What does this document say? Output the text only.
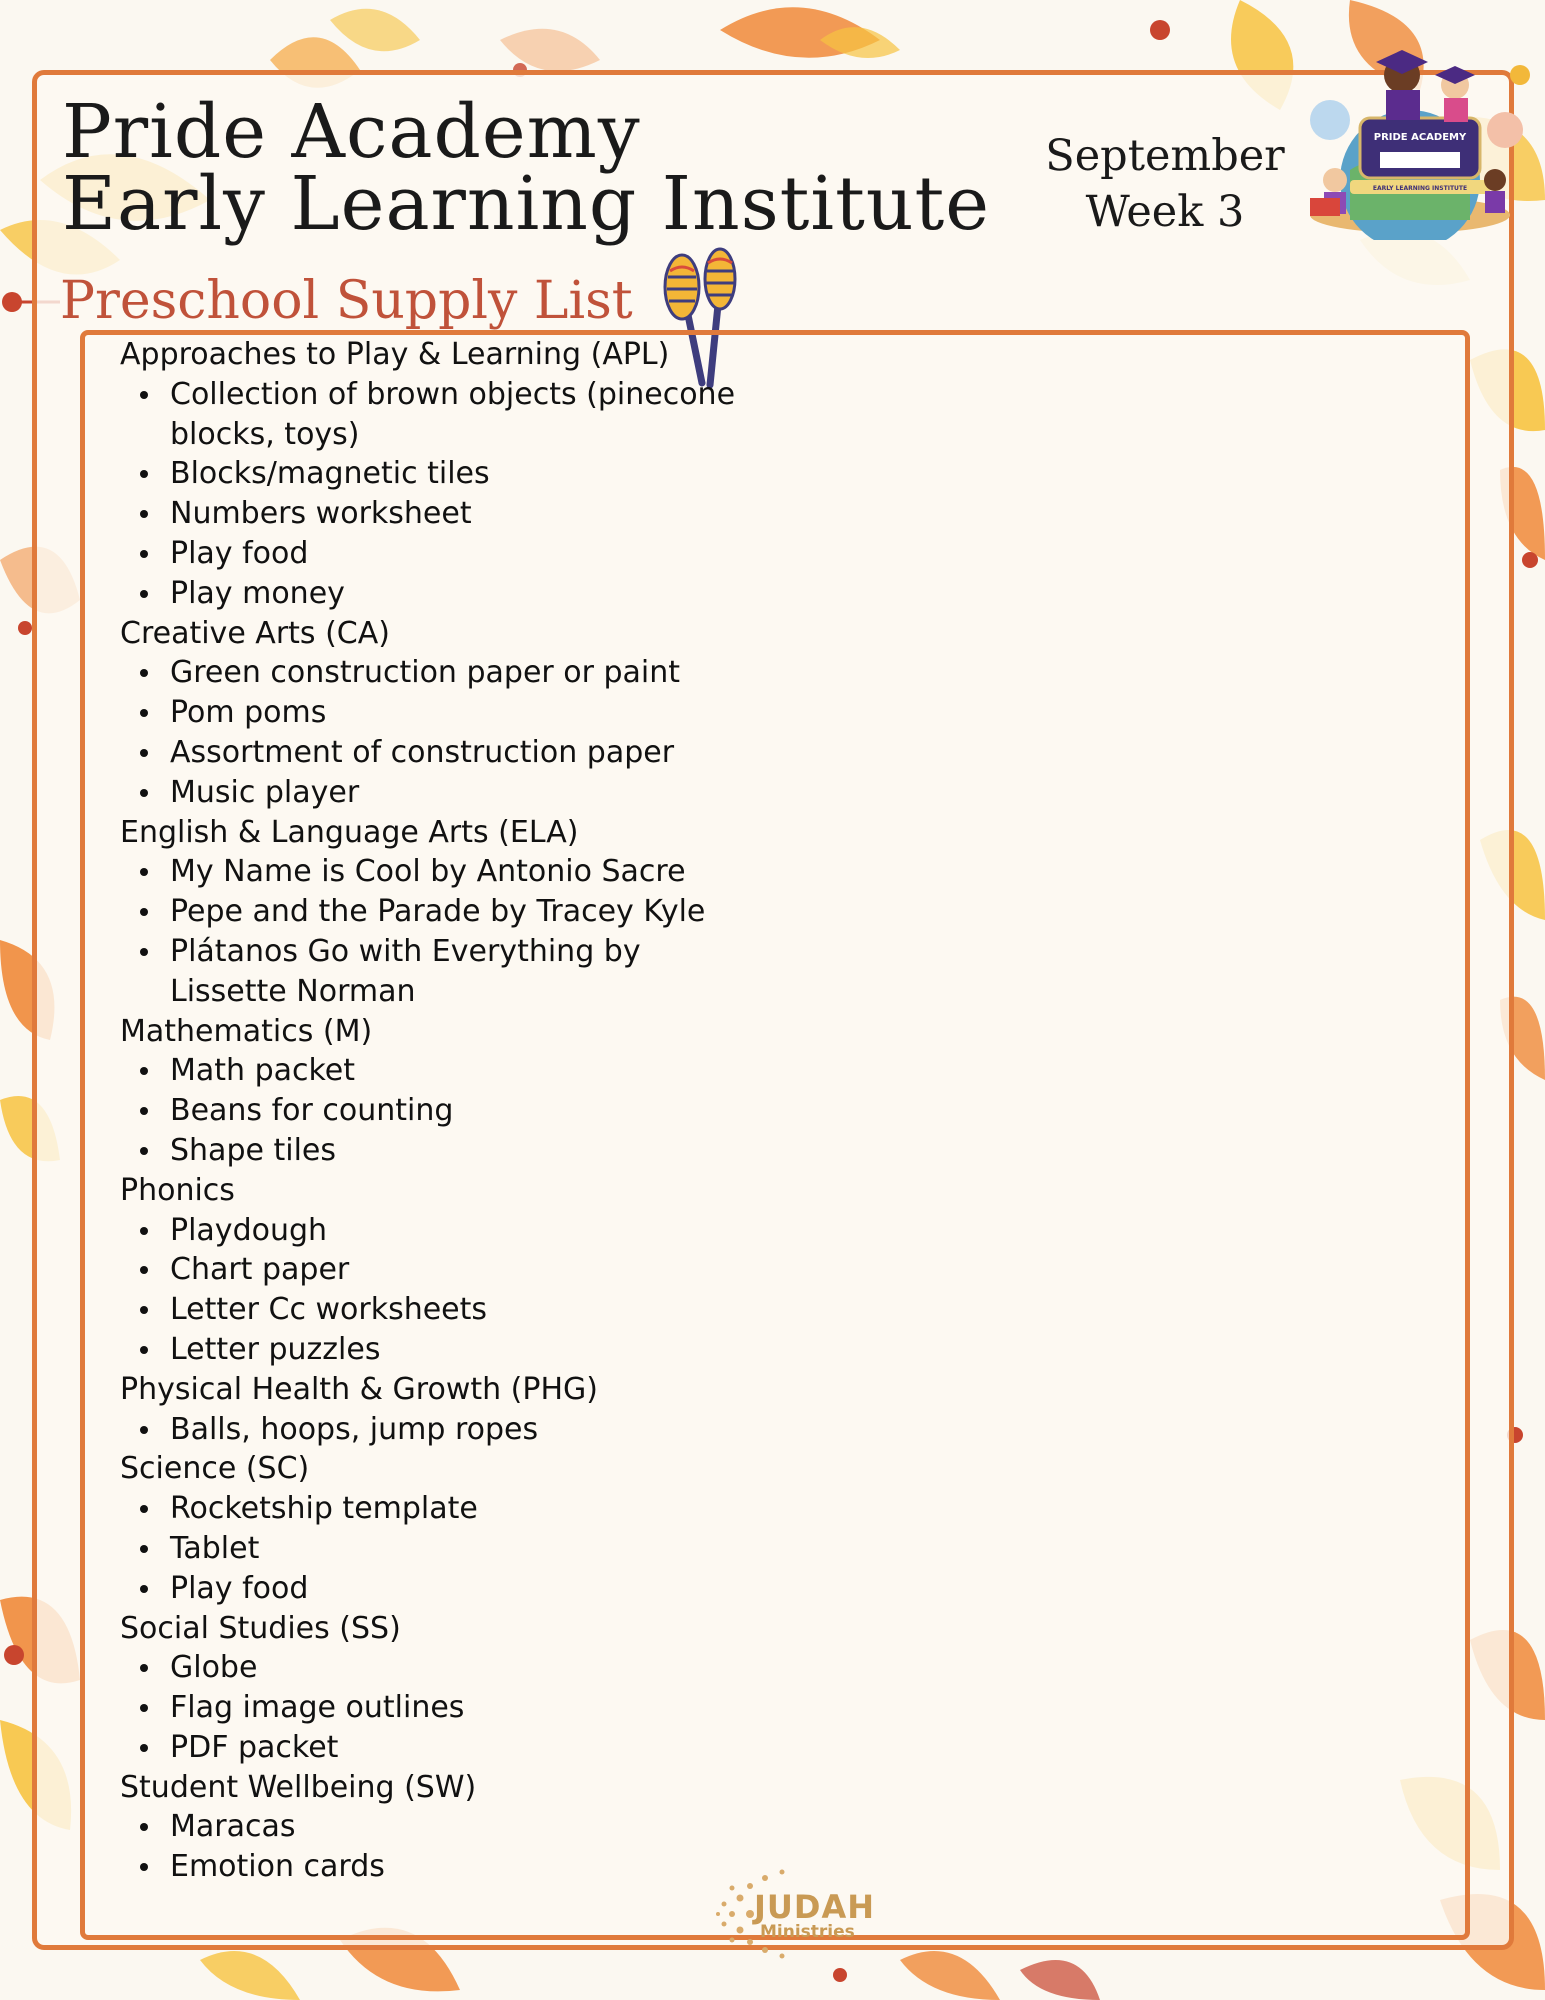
Pride Academy
Early Learning Institute
September
Week 3
PRIDE ACADEMY
EARLY LEARNING INSTITUTE
Preschool Supply List
Approaches to Play & Learning (APL)
Collection of brown objects (pinecone blocks, toys)
Blocks/magnetic tiles
Numbers worksheet
Play food
Play money
Creative Arts (CA)
Green construction paper or paint
Pom poms
Assortment of construction paper
Music player
English & Language Arts (ELA)
My Name is Cool by Antonio Sacre
Pepe and the Parade by Tracey Kyle
Plátanos Go with Everything by Lissette Norman
Mathematics (M)
Math packet
Beans for counting
Shape tiles
Phonics
Playdough
Chart paper
Letter Cc worksheets
Letter puzzles
Physical Health & Growth (PHG)
Balls, hoops, jump ropes
Science (SC)
Rocketship template
Tablet
Play food
Social Studies (SS)
Globe
Flag image outlines
PDF packet
Student Wellbeing (SW)
Maracas
Emotion cards
JUDAH
Ministries
